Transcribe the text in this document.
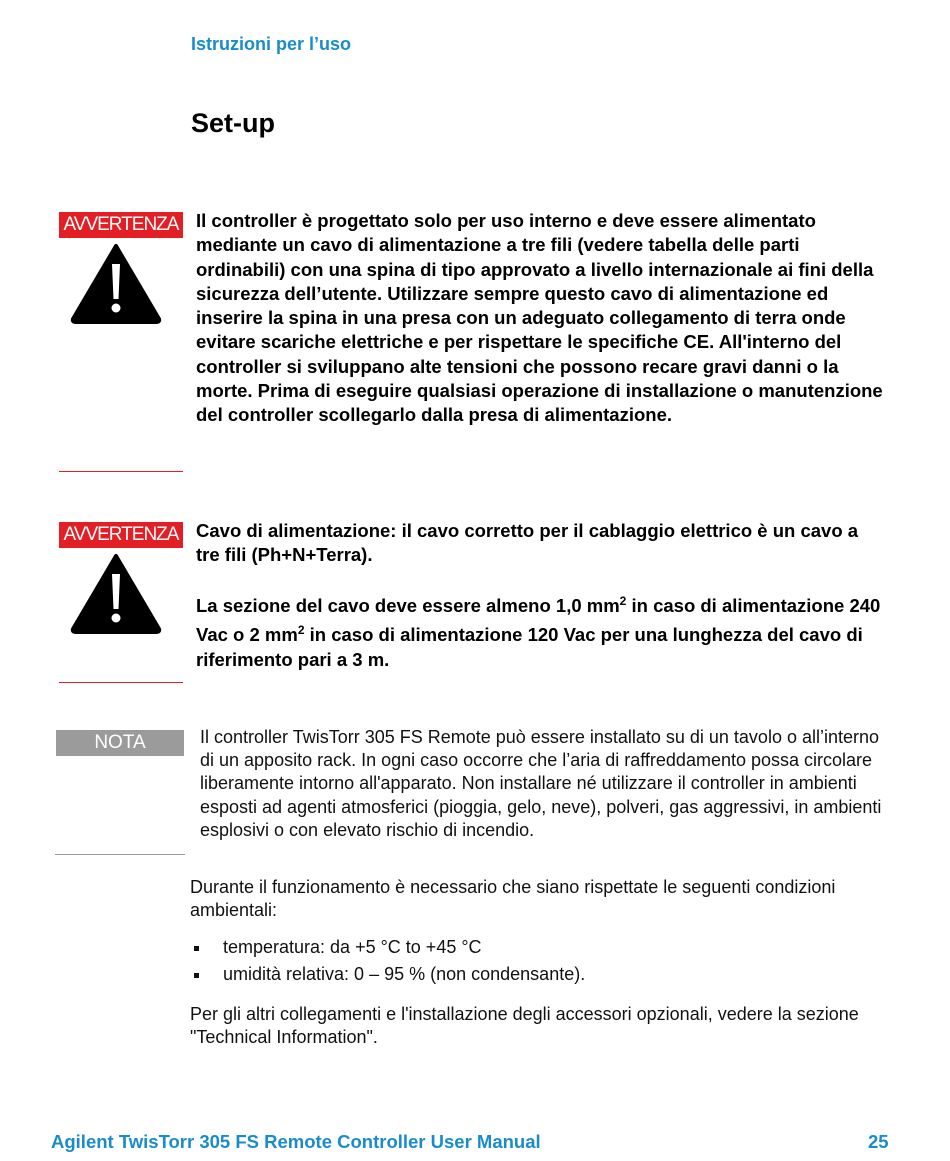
Istruzioni per l’uso
Set-up
AVVERTENZA Il controller è progettato solo per uso interno e deve essere alimentato mediante un cavo di alimentazione a tre fili (vedere tabella delle parti ordinabili) con una spina di tipo approvato a livello internazionale ai fini della sicurezza dell’utente. Utilizzare sempre questo cavo di alimentazione ed inserire la spina in una presa con un adeguato collegamento di terra onde evitare scariche elettriche e per rispettare le specifiche CE. All'interno del controller si sviluppano alte tensioni che possono recare gravi danni o la morte. Prima di eseguire qualsiasi operazione di installazione o manutenzione del controller scollegarlo dalla presa di alimentazione.

AVVERTENZA Cavo di alimentazione: il cavo corretto per il cablaggio elettrico è un cavo a tre fili (Ph+N+Terra).

La sezione del cavo deve essere almeno 1,0 $mm^2$ in caso di alimentazione 240 Vac o 2 $mm^2$ in caso di alimentazione 120 Vac per una lunghezza del cavo di riferimento pari a 3 m.

NOTA	Il controller TwisTorr 305 FS Remote può essere installato su di un tavolo o all’interno di un apposito rack. In ogni caso occorre che l’aria di raffreddamento possa circolare liberamente intorno all'apparato. Non installare né utilizzare il controller in ambienti esposti ad agenti atmosferici (pioggia, gelo, neve), polveri, gas aggressivi, in ambienti esplosivi o con elevato rischio di incendio.
Durante il funzionamento è necessario che siano rispettate le seguenti condizioni ambientali:
temperatura: da +5 °C to +45 °C
umidità relativa: 0 – 95 % (non condensante).
Per gli altri collegamenti e l'installazione degli accessori opzionali, vedere la sezione "Technical Information".
Agilent TwisTorr 305 FS Remote Controller User Manual	25
